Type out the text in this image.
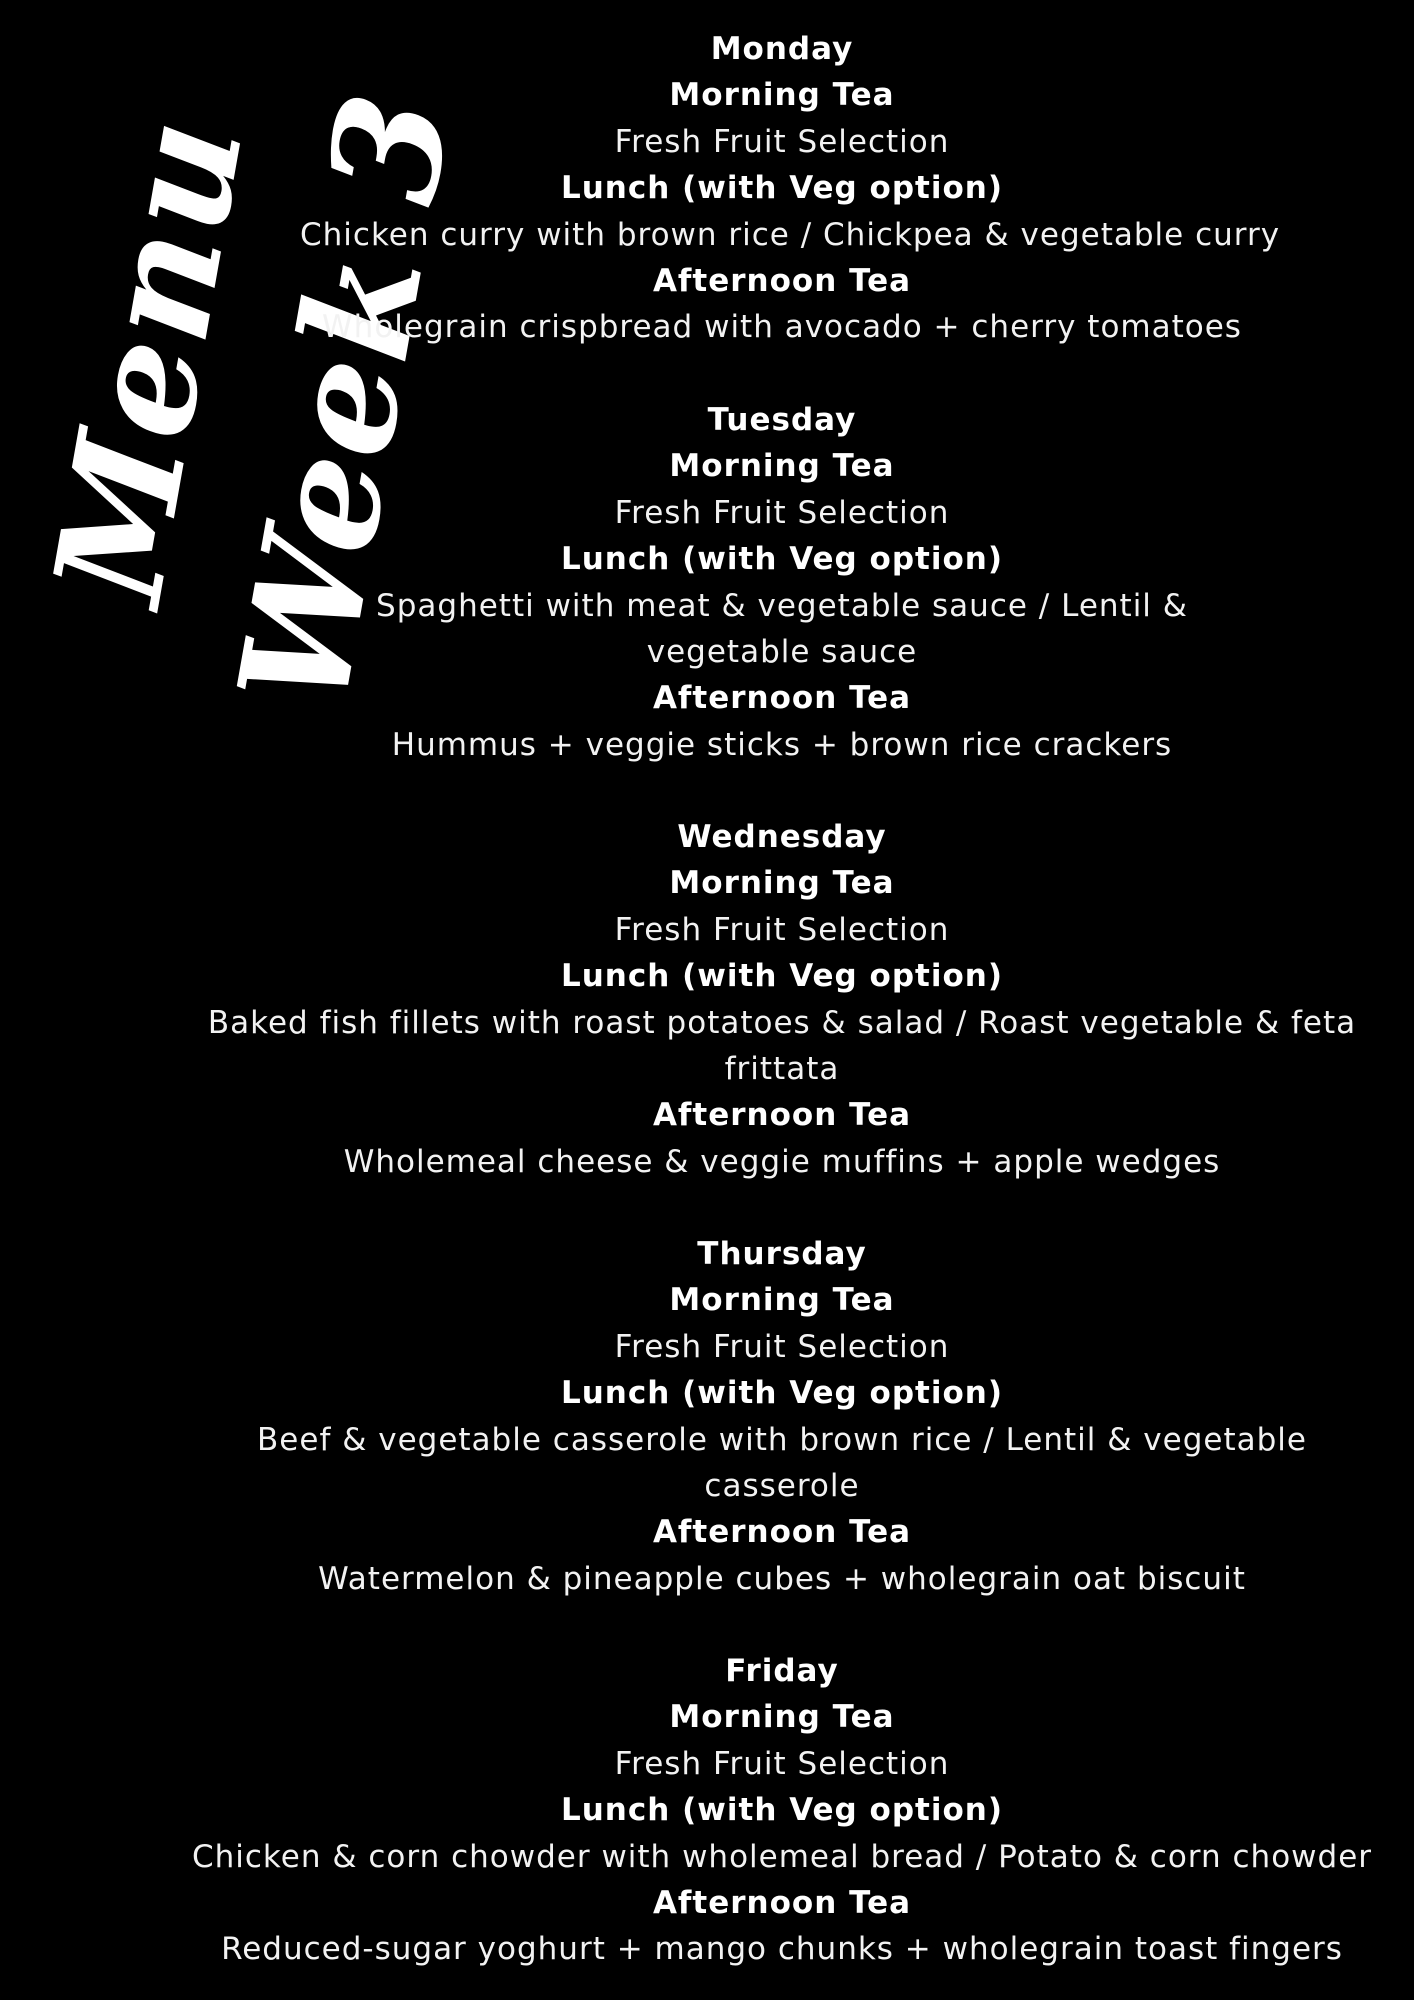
Menu
Week 3
Monday
Morning Tea
Fresh Fruit Selection
Lunch (with Veg option)
Chicken curry with brown rice / Chickpea & vegetable curry
Afternoon Tea
Wholegrain crispbread with avocado + cherry tomatoes
Tuesday
Morning Tea
Fresh Fruit Selection
Lunch (with Veg option)
Spaghetti with meat & vegetable sauce / Lentil & vegetable sauce
Afternoon Tea
Hummus + veggie sticks + brown rice crackers
Wednesday
Morning Tea
Fresh Fruit Selection
Lunch (with Veg option)
Baked fish fillets with roast potatoes & salad / Roast vegetable & feta frittata
Afternoon Tea
Wholemeal cheese & veggie muffins + apple wedges
Thursday
Morning Tea
Fresh Fruit Selection
Lunch (with Veg option)
Beef & vegetable casserole with brown rice / Lentil & vegetable casserole
Afternoon Tea
Watermelon & pineapple cubes + wholegrain oat biscuit
Friday
Morning Tea
Fresh Fruit Selection
Lunch (with Veg option)
Chicken & corn chowder with wholemeal bread / Potato & corn chowder
Afternoon Tea
Reduced-sugar yoghurt + mango chunks + wholegrain toast fingers
